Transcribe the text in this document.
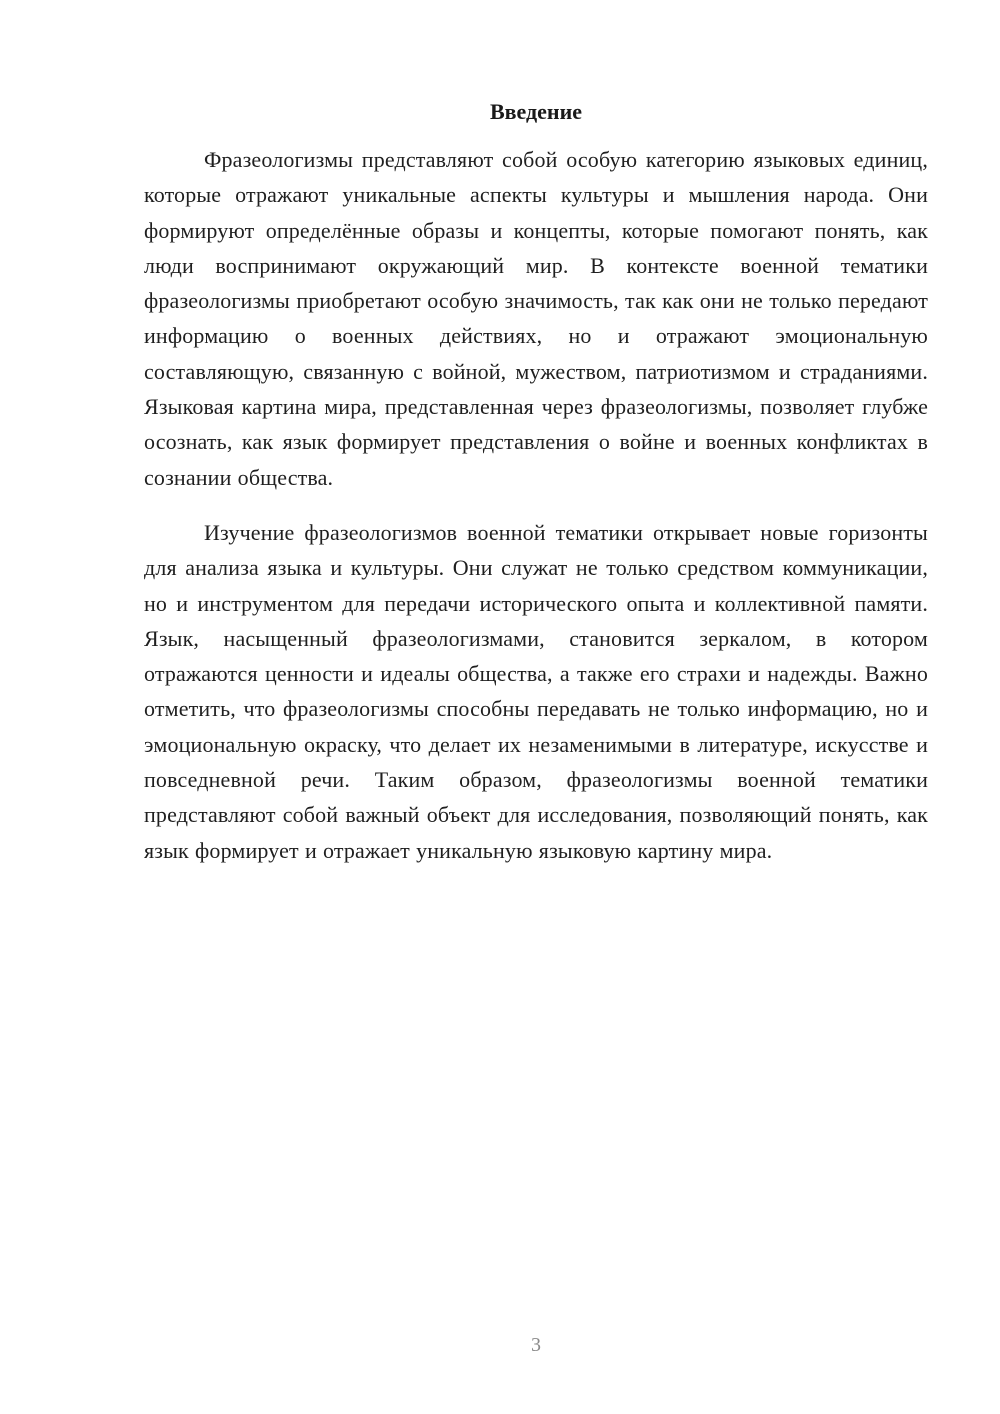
Введение

Фразеологизмы представляют собой особую категорию языковых единиц, которые отражают уникальные аспекты культуры и мышления народа. Они формируют определённые образы и концепты, которые помогают понять, как люди воспринимают окружающий мир. В контексте военной тематики фразеологизмы приобретают особую значимость, так как они не только передают информацию о военных действиях, но и отражают эмоциональную составляющую, связанную с войной, мужеством, патриотизмом и страданиями. Языковая картина мира, представленная через фразеологизмы, позволяет глубже осознать, как язык формирует представления о войне и военных конфликтах в сознании общества.

Изучение фразеологизмов военной тематики открывает новые горизонты для анализа языка и культуры. Они служат не только средством коммуникации, но и инструментом для передачи исторического опыта и коллективной памяти. Язык, насыщенный фразеологизмами, становится зеркалом, в котором отражаются ценности и идеалы общества, а также его страхи и надежды. Важно отметить, что фразеологизмы способны передавать не только информацию, но и эмоциональную окраску, что делает их незаменимыми в литературе, искусстве и повседневной речи. Таким образом, фразеологизмы военной тематики представляют собой важный объект для исследования, позволяющий понять, как язык формирует и отражает уникальную языковую картину мира.

3
